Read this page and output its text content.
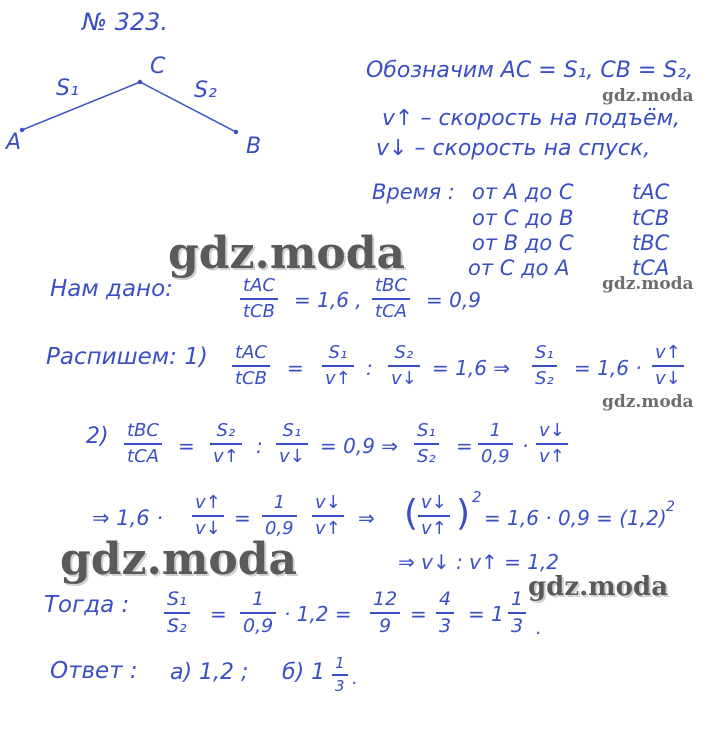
№ 323.
A	B
C
S₁	S₂
Обозначим AC = S₁, CB = S₂,
v↑ – скорость на подъём,
v↓ – скорость на спуск,
Время : от A до C	tAC
от C до B	tCB
от B до C	tBC
от C до A	tCA
Нам дано:	tAC
tCB = 1,6 ,
tBC
tCA = 0,9
Распишем: 1) tAC
tCB = $\frac{\text{S₁}}{v↑}$ : $\frac{\text{S₂}}{v↓} = 1,6$ ⇒ $\frac{\text{S₁}}{\text{S₂}} = 1,6 \cdot \frac{v↑}{v↓}$
2) tBC
tCA = $\frac{\text{S₂}}{v↑}$ : $\frac{\text{S₁}}{v↓} = 0,9$ ⇒ $\frac{\text{S₁}}{\text{S₂}} = \frac{1}{0,9} \cdot \frac{v↓}{v↑}$
⇒ $1,6 \cdot \frac{v↑}{v↓} = \frac{1}{0,9} \frac{v↓}{v↑}$ ⇒ ( $\frac{v↓}{v↑}$ ) 2
= 1,6 · 0,9 = (1,2) 2
⇒ v↓ : v↑ = 1,2
Тогда : $\frac{\text{S₁}}{\text{S₂}} = \frac{1}{0,9} \cdot 1,2 = \frac{12}{9} = \frac{4}{3} = 1 \frac{1}{3}$ .
Ответ : а) 1,2 ; б) $1 \frac{1}{3}$ .
gdz.moda
gdz.moda
gdz.moda
gdz.moda
gdz.moda
gdz.moda
